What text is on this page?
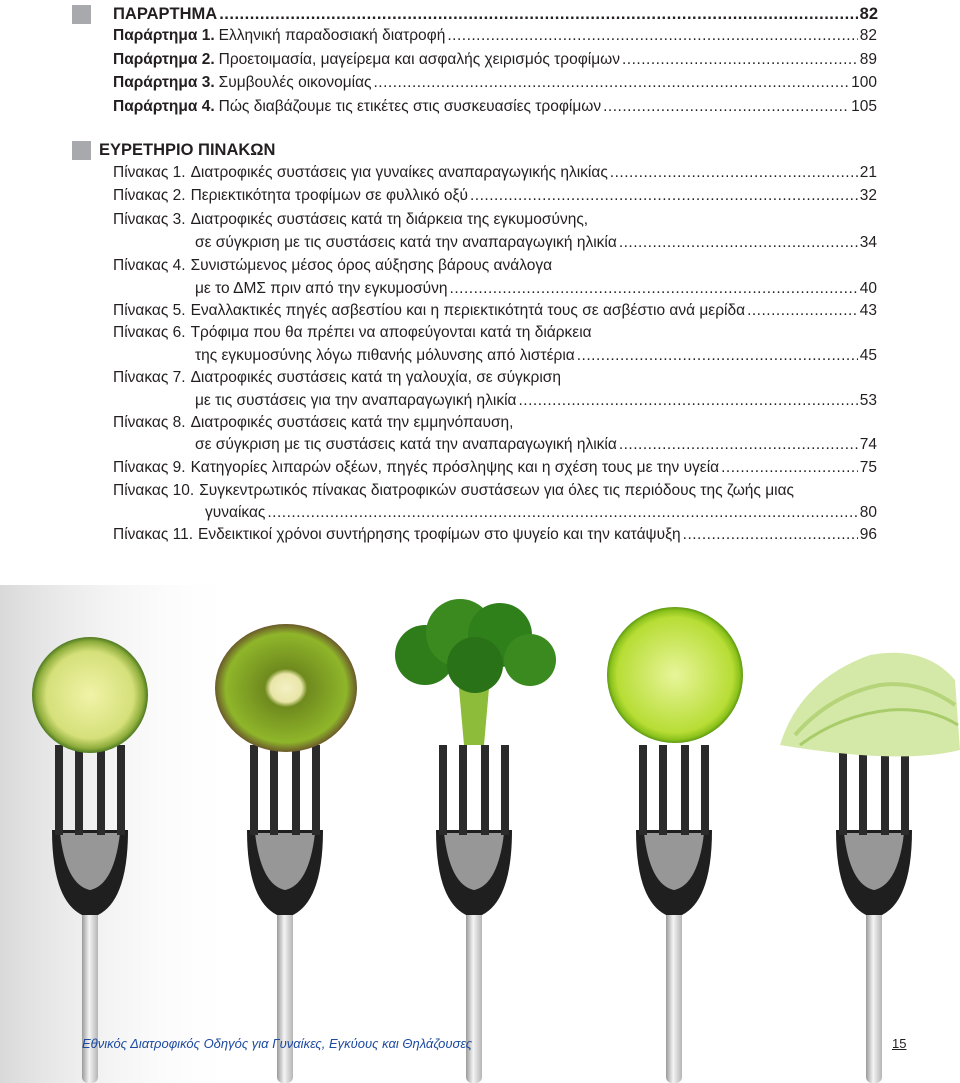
ΠΑΡΑΡΤΗΜΑ .....	82
Παράρτημα 1. Ελληνική παραδοσιακή διατροφή .....	82
Παράρτημα 2. Προετοιμασία, μαγείρεμα και ασφαλής χειρισμός τροφίμων .....	89
Παράρτημα 3. Συμβουλές οικονομίας .....	100
Παράρτημα 4. Πώς διαβάζουμε τις ετικέτες στις συσκευασίες τροφίμων .....	105
ΕΥΡΕΤΗΡΙΟ ΠΙΝΑΚΩΝ
Πίνακας 1. Διατροφικές συστάσεις για γυναίκες αναπαραγωγικής ηλικίας .....	21
Πίνακας 2. Περιεκτικότητα τροφίμων σε φυλλικό οξύ .....	32
Πίνακας 3. Διατροφικές συστάσεις κατά τη διάρκεια της εγκυμοσύνης,
σε σύγκριση με τις συστάσεις κατά την αναπαραγωγική ηλικία .....	34
Πίνακας 4. Συνιστώμενος μέσος όρος αύξησης βάρους ανάλογα
με το ΔΜΣ πριν από την εγκυμοσύνη .....	40
Πίνακας 5. Εναλλακτικές πηγές ασβεστίου και η περιεκτικότητά τους σε ασβέστιο ανά μερίδα .....	43
Πίνακας 6. Τρόφιμα που θα πρέπει να αποφεύγονται κατά τη διάρκεια
της εγκυμοσύνης λόγω πιθανής μόλυνσης από λιστέρια .....	45
Πίνακας 7. Διατροφικές συστάσεις κατά τη γαλουχία, σε σύγκριση
με τις συστάσεις για την αναπαραγωγική ηλικία .....	53
Πίνακας 8. Διατροφικές συστάσεις κατά την εμμηνόπαυση,
σε σύγκριση με τις συστάσεις κατά την αναπαραγωγική ηλικία .....	74
Πίνακας 9. Κατηγορίες λιπαρών οξέων, πηγές πρόσληψης και η σχέση τους με την υγεία .....	75
Πίνακας 10. Συγκεντρωτικός πίνακας διατροφικών συστάσεων για όλες τις περιόδους της ζωής μιας
γυναίκας .....	80
Πίνακας 11. Ενδεικτικοί χρόνοι συντήρησης τροφίμων στο ψυγείο και την κατάψυξη .....	96
Εθνικός Διατροφικός Οδηγός για Γυναίκες, Εγκύους και Θηλάζουσες	15
